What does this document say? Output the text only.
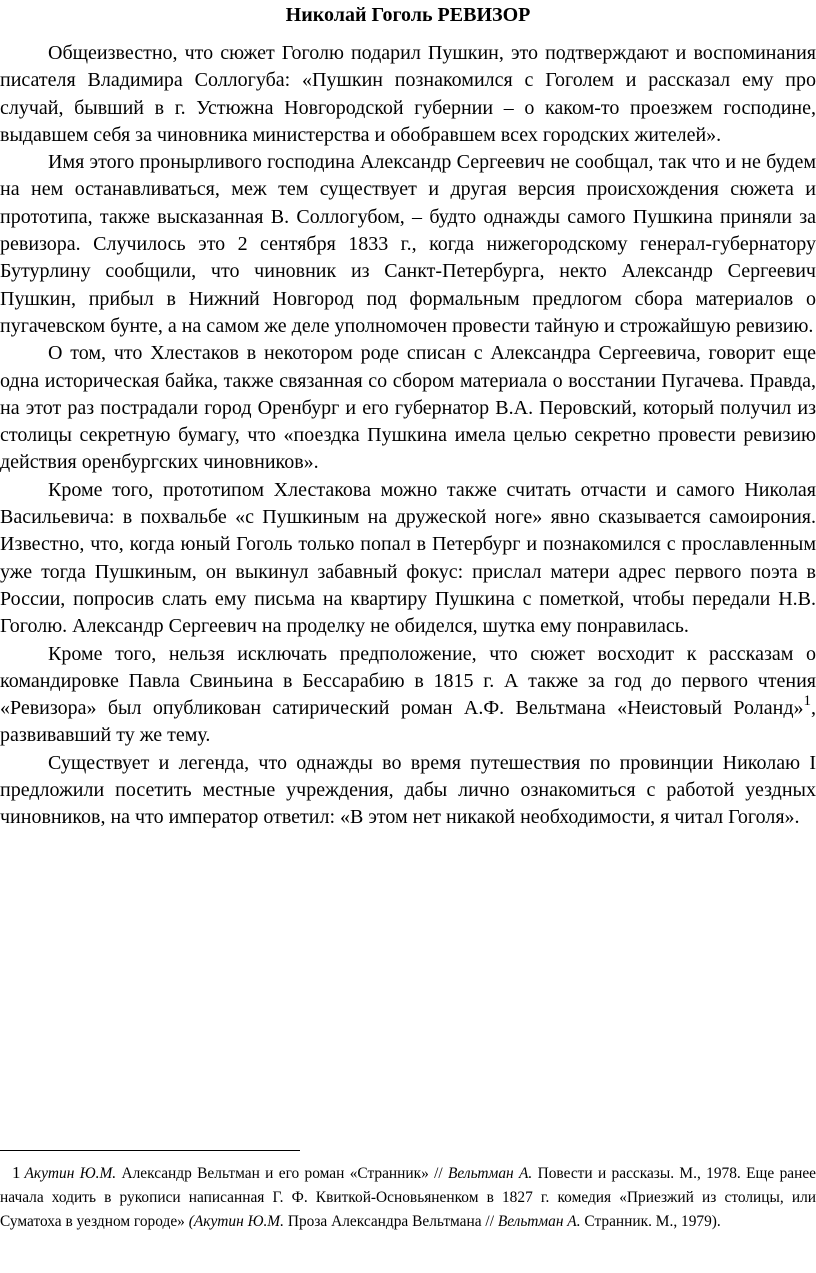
Николай Гоголь РЕВИЗОР

Общеизвестно, что сюжет Гоголю подарил Пушкин, это подтверждают и воспоминания писателя Владимира Соллогуба: «Пушкин познакомился с Гоголем и рассказал ему про случай, бывший в г. Устюжна Новгородской губернии – о каком-то проезжем господине, выдавшем себя за чиновника министерства и обобравшем всех городских жителей».

Имя этого пронырливого господина Александр Сергеевич не сообщал, так что и не будем на нем останавливаться, меж тем существует и другая версия происхождения сюжета и прототипа, также высказанная В. Соллогубом, – будто однажды самого Пушкина приняли за ревизора. Случилось это 2 сентября 1833 г., когда нижегородскому генерал-губернатору Бутурлину сообщили, что чиновник из Санкт-Петербурга, некто Александр Сергеевич Пушкин, прибыл в Нижний Новгород под формальным предлогом сбора материалов о пугачевском бунте, а на самом же деле уполномочен провести тайную и строжайшую ревизию.

О том, что Хлестаков в некотором роде списан с Александра Сергеевича, говорит еще одна историческая байка, также связанная со сбором материала о восстании Пугачева. Правда, на этот раз пострадали город Оренбург и его губернатор В.А. Перовский, который получил из столицы секретную бумагу, что «поездка Пушкина имела целью секретно провести ревизию действия оренбургских чиновников».

Кроме того, прототипом Хлестакова можно также считать отчасти и самого Николая Васильевича: в похвальбе «с Пушкиным на дружеской ноге» явно сказывается самоирония. Известно, что, когда юный Гоголь только попал в Петербург и познакомился с прославленным уже тогда Пушкиным, он выкинул забавный фокус: прислал матери адрес первого поэта в России, попросив слать ему письма на квартиру Пушкина с пометкой, чтобы передали Н.В. Гоголю. Александр Сергеевич на проделку не обиделся, шутка ему понравилась.

Кроме того, нельзя исключать предположение, что сюжет восходит к рассказам о командировке Павла Свиньина в Бессарабию в 1815 г. А также за год до первого чтения «Ревизора» был опубликован сатирический роман А.Ф. Вельтмана «Неистовый Роланд»$^1$, развивавший ту же тему.

Существует и легенда, что однажды во время путешествия по провинции Николаю I предложили посетить местные учреждения, дабы лично ознакомиться с работой уездных чиновников, на что император ответил: «В этом нет никакой необходимости, я читал Гоголя».

1 Акутин Ю.М. Александр Вельтман и его роман «Странник» // Вельтман А. Повести и рассказы. М., 1978. Еще ранее начала ходить в рукописи написанная Г. Ф. Квиткой-Основьяненком в 1827 г. комедия «Приезжий из столицы, или Суматоха в уездном городе» (Акутин Ю.М. Проза Александра Вельтмана // Вельтман А. Странник. М., 1979).
